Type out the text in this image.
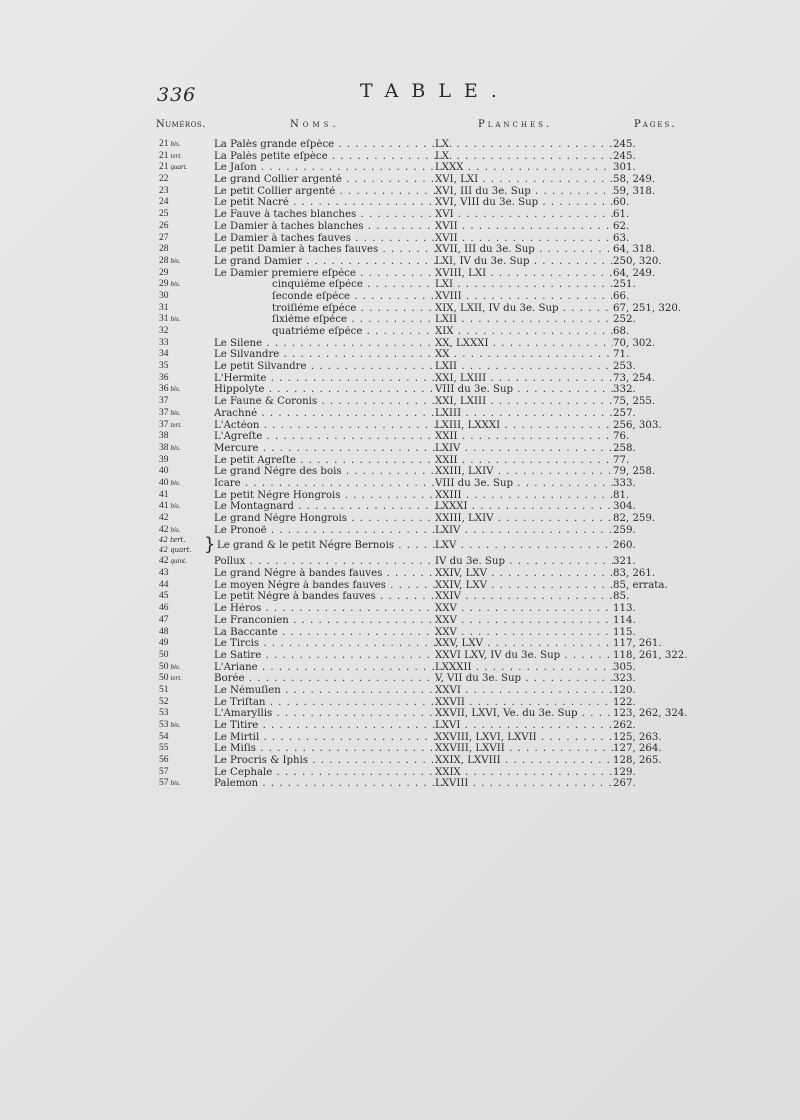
336	TABLE.
Numéros.	Noms.	Planches.	Pages.
21 bis.	La Palès grande eſpèce . . .	LX. . . .	245.
21 tert.	La Palès petite eſpèce . . .	LX. . . .	245.
21 quart.	Le Jaſon . . .	LXXX . . .	301.
22	Le grand Collier argenté . . .	XVI, LXI . . .	58, 249.
23	Le petit Collier argenté . . .	XVI, III du 3e. Sup . . .	59, 318.
24	Le petit Nacré . . .	XVI, VIII du 3e. Sup . . .	60.
25	Le Fauve à taches blanches . . .	XVI . . .	61.
26	Le Damier à taches blanches . . .	XVII . . .	62.
27	Le Damier à taches fauves . . .	XVII . . .	63.
28	Le petit Damier à taches fauves . . .	XVII, III du 3e. Sup . . .	64, 318.
28 bis.	Le grand Damier . . .	LXI, IV du 3e. Sup . . .	250, 320.
29	Le Damier premiere eſpéce . . .	XVIII, LXI . . .	64, 249.
29 bis.	cinquiéme eſpéce . . .	LXI . . .	251.
30	ſeconde eſpéce . . .	XVIII . . .	66.
31	troiſiéme eſpéce . . .	XIX, LXII, IV du 3e. Sup . . .	67, 251, 320.
31 bis.	ſixiéme eſpéce . . .	LXII . . .	252.
32	quatriéme eſpéce . . .	XIX . . .	68.
33	Le Silene . . .	XX, LXXXI . . .	70, 302.
34	Le Silvandre . . .	XX . . .	71.
35	Le petit Silvandre . . .	LXII . . .	253.
36	L'Hermite . . .	XXI, LXIII . . .	73, 254.
36 bis.	Hippolyte . . .	VIII du 3e. Sup . . .	332.
37	Le Faune & Coronis . . .	XXI, LXIII . . .	75, 255.
37 bis.	Arachné . . .	LXIII . . .	257.
37 tert.	L'Actéon . . .	LXIII, LXXXI . . .	256, 303.
38	L'Agreſte . . .	XXII . . .	76.
38 bis.	Mercure . . .	LXIV . . .	258.
39	Le petit Agreſte . . .	XXII . . .	77.
40	Le grand Négre des bois . . .	XXIII, LXIV . . .	79, 258.
40 bis.	Icare . . .	VIII du 3e. Sup . . .	333.
41	Le petit Négre Hongrois . . .	XXIII . . .	81.
41 bis.	Le Montagnard . . .	LXXXI . . .	304.
42	Le grand Négre Hongrois . . .	XXIII, LXIV . . .	82, 259.
42 bis.	Le Pronoë . . .	LXIV . . .	259.
42 tert.
42 quart. } Le grand & le petit Négre Bernois . . .	LXV . . .	260.
42 quint.	Pollux . . .	IV du 3e. Sup . . .	321.
43	Le grand Négre à bandes fauves . . .	XXIV, LXV . . .	83, 261.
44	Le moyen Négre à bandes fauves . . .	XXIV, LXV . . .	85, errata.
45	Le petit Négre à bandes fauves . . .	XXIV . . .	85.
46	Le Héros . . .	XXV . . .	113.
47	Le Franconien . . .	XXV . . .	114.
48	La Baccante . . .	XXV . . .	115.
49	Le Tircis . . .	XXV, LXV . . .	117, 261.
50	Le Satire . . .	XXVI LXV, IV du 3e. Sup . . .	118, 261, 322.
50 bis.	L'Ariane . . .	LXXXII . . .	305.
50 tert.	Borée . . .	V, VII du 3e. Sup . . .	323.
51	Le Némuſien . . .	XXVI . . .	120.
52	Le Triſtan . . .	XXVII . . .	122.
53	L'Amaryllis . . .	XXVII, LXVI, Ve. du 3e. Sup . . .	123, 262, 324.
53 bis.	Le Titire . . .	LXVI . . .	262.
54	Le Mirtil . . .	XXVIII, LXVI, LXVII . . .	125, 263.
55	Le Miſis . . .	XXVIII, LXVII . . .	127, 264.
56	Le Procris & Iphis . . .	XXIX, LXVIII . . .	128, 265.
57	Le Cephale . . .	XXIX . . .	129.
57 bis.	Palemon . . .	LXVIII . . .	267.
